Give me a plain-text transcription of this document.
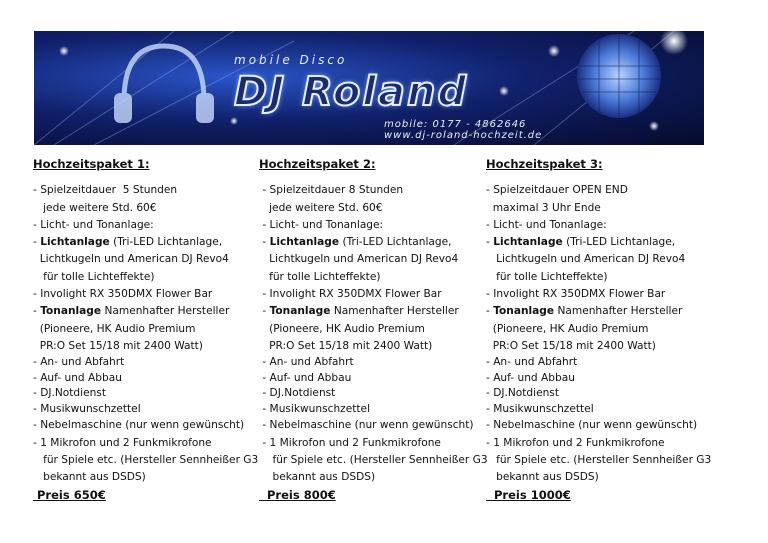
mobile Disco
DJ Roland
mobile: 0177 - 4862646
www.dj-roland-hochzeit.de
Hochzeitspaket 1:
- Spielzeitdauer  5 Stunden
jede weitere Std. 60€
- Licht- und Tonanlage:
- Lichtanlage (Tri-LED Lichtanlage,
Lichtkugeln und American DJ Revo4
für tolle Lichteffekte)
- Involight RX 350DMX Flower Bar
- Tonanlage Namenhafter Hersteller
(Pioneere, HK Audio Premium
PR:O Set 15/18 mit 2400 Watt)
- An- und Abfahrt
- Auf- und Abbau
- DJ.Notdienst
- Musikwunschzettel
- Nebelmaschine (nur wenn gewünscht)
- 1 Mikrofon und 2 Funkmikrofone
für Spiele etc. (Hersteller Sennheißer G3
bekannt aus DSDS)
Preis 650€
Hochzeitspaket 2:
- Spielzeitdauer 8 Stunden
jede weitere Std. 60€
- Licht- und Tonanlage:
- Lichtanlage (Tri-LED Lichtanlage,
Lichtkugeln und American DJ Revo4
für tolle Lichteffekte)
- Involight RX 350DMX Flower Bar
- Tonanlage Namenhafter Hersteller
(Pioneere, HK Audio Premium
PR:O Set 15/18 mit 2400 Watt)
- An- und Abfahrt
- Auf- und Abbau
- DJ.Notdienst
- Musikwunschzettel
- Nebelmaschine (nur wenn gewünscht)
- 1 Mikrofon und 2 Funkmikrofone
für Spiele etc. (Hersteller Sennheißer G3
bekannt aus DSDS)
Preis 800€
Hochzeitspaket 3:
- Spielzeitdauer OPEN END
maximal 3 Uhr Ende
- Licht- und Tonanlage:
- Lichtanlage (Tri-LED Lichtanlage,
Lichtkugeln und American DJ Revo4
für tolle Lichteffekte)
- Involight RX 350DMX Flower Bar
- Tonanlage Namenhafter Hersteller
(Pioneere, HK Audio Premium
PR:O Set 15/18 mit 2400 Watt)
- An- und Abfahrt
- Auf- und Abbau
- DJ.Notdienst
- Musikwunschzettel
- Nebelmaschine (nur wenn gewünscht)
- 1 Mikrofon und 2 Funkmikrofone
für Spiele etc. (Hersteller Sennheißer G3
bekannt aus DSDS)
Preis 1000€
